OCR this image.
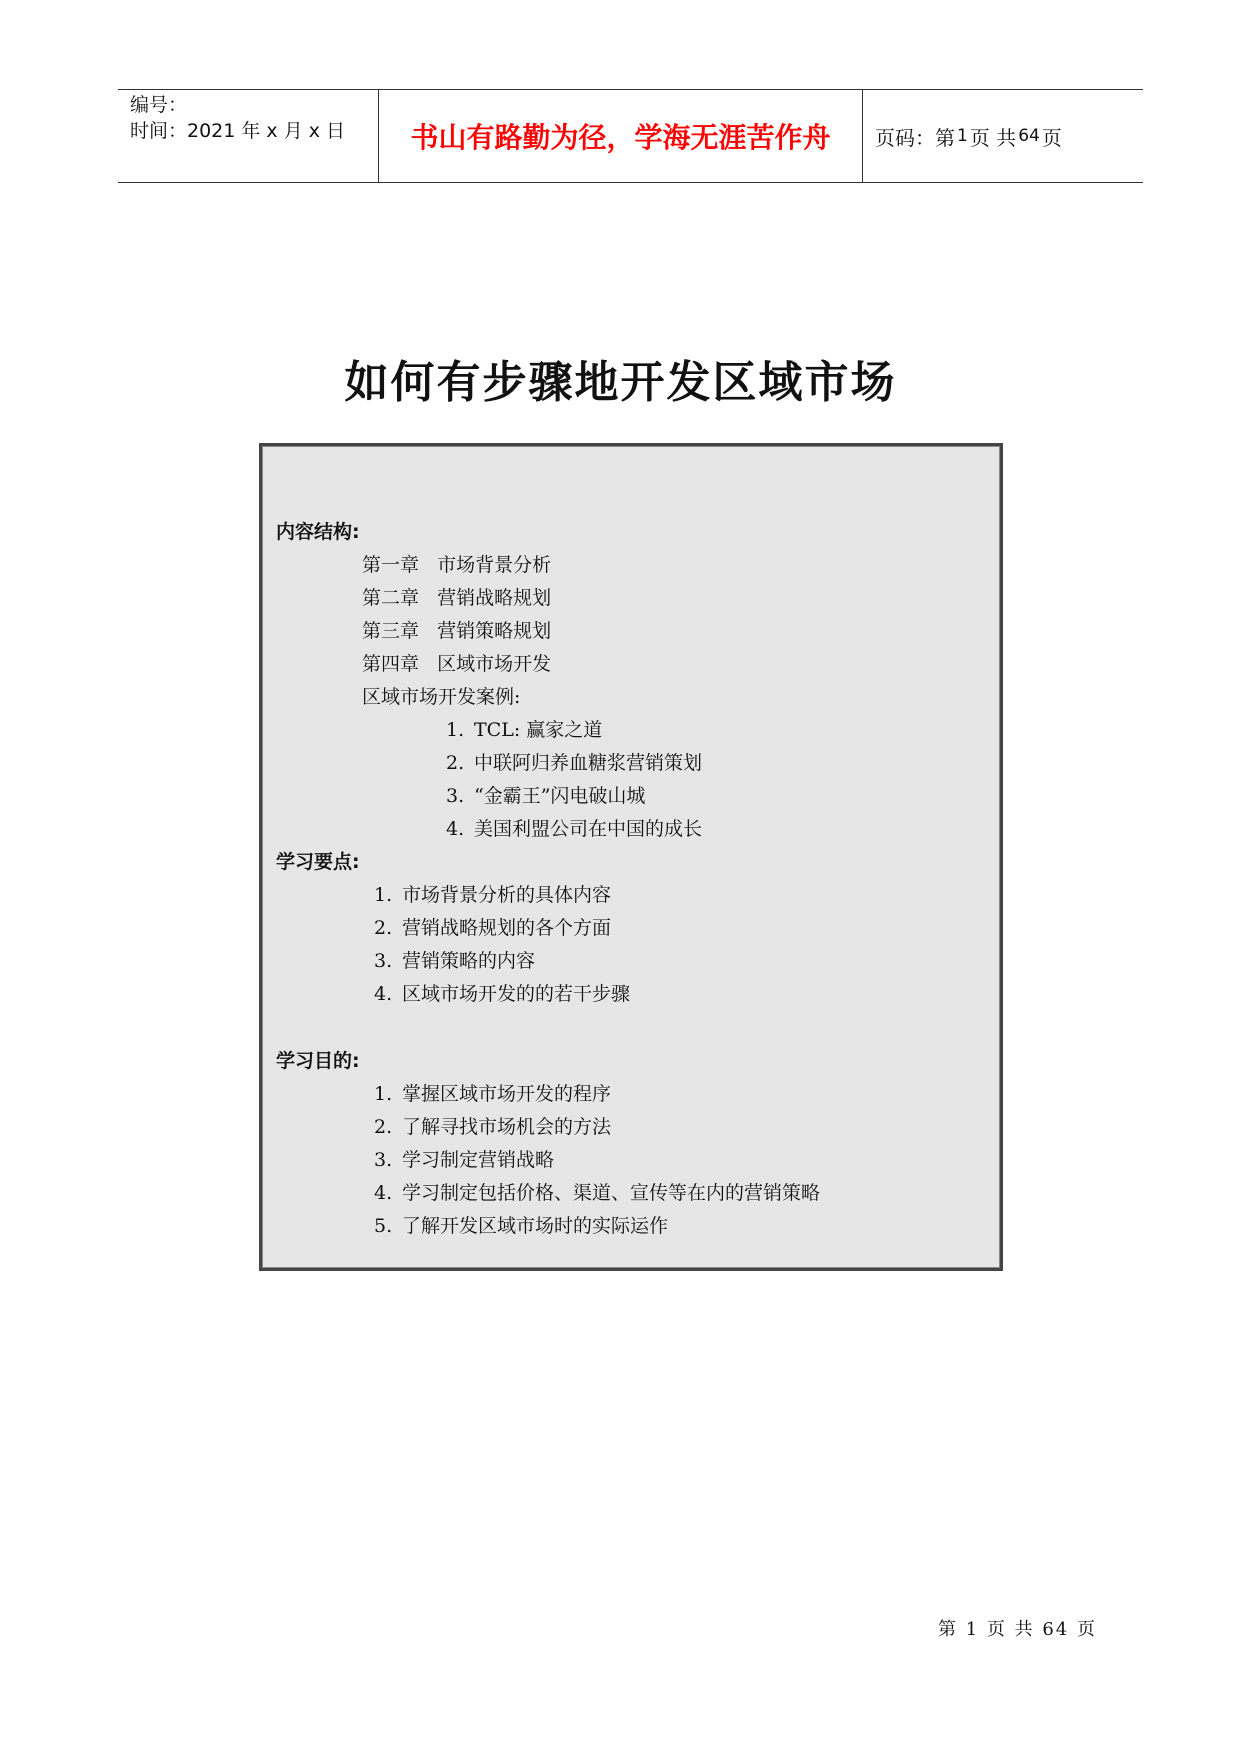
编号：
时间：2021 年 x 月 x 日	书山有路勤为径，学海无涯苦作舟	页码：第 1 页 共 64 页
如何有步骤地开发区域市场
内容结构:
第一章   市场背景分析
第二章   营销战略规划
第三章   营销策略规划
第四章   区域市场开发
区域市场开发案例:
1. TCL: 赢家之道
2. 中联阿归养血糖浆营销策划
3. “金霸王”闪电破山城
4. 美国利盟公司在中国的成长
学习要点:
1. 市场背景分析的具体内容
2. 营销战略规划的各个方面
3. 营销策略的内容
4. 区域市场开发的的若干步骤
学习目的:
1. 掌握区域市场开发的程序
2. 了解寻找市场机会的方法
3. 学习制定营销战略
4. 学习制定包括价格、渠道、宣传等在内的营销策略
5. 了解开发区域市场时的实际运作
第 1 页 共 64 页
